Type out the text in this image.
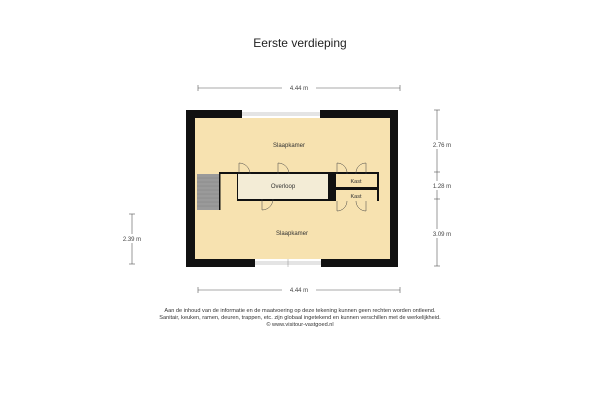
Eerste verdieping
4.44 m
2.76 m
1.28 m
3.09 m
2.39 m
4.44 m
Slaapkamer
Overloop
Kast
Kast
Slaapkamer
Aan de inhoud van de informatie en de maatvoering op deze tekening kunnen geen rechten worden ontleend.
Sanitair, keuken, ramen, deuren, trappen, etc. zijn globaal ingetekend en kunnen verschillen met de werkelijkheid.
© www.visitour-vastgoed.nl
